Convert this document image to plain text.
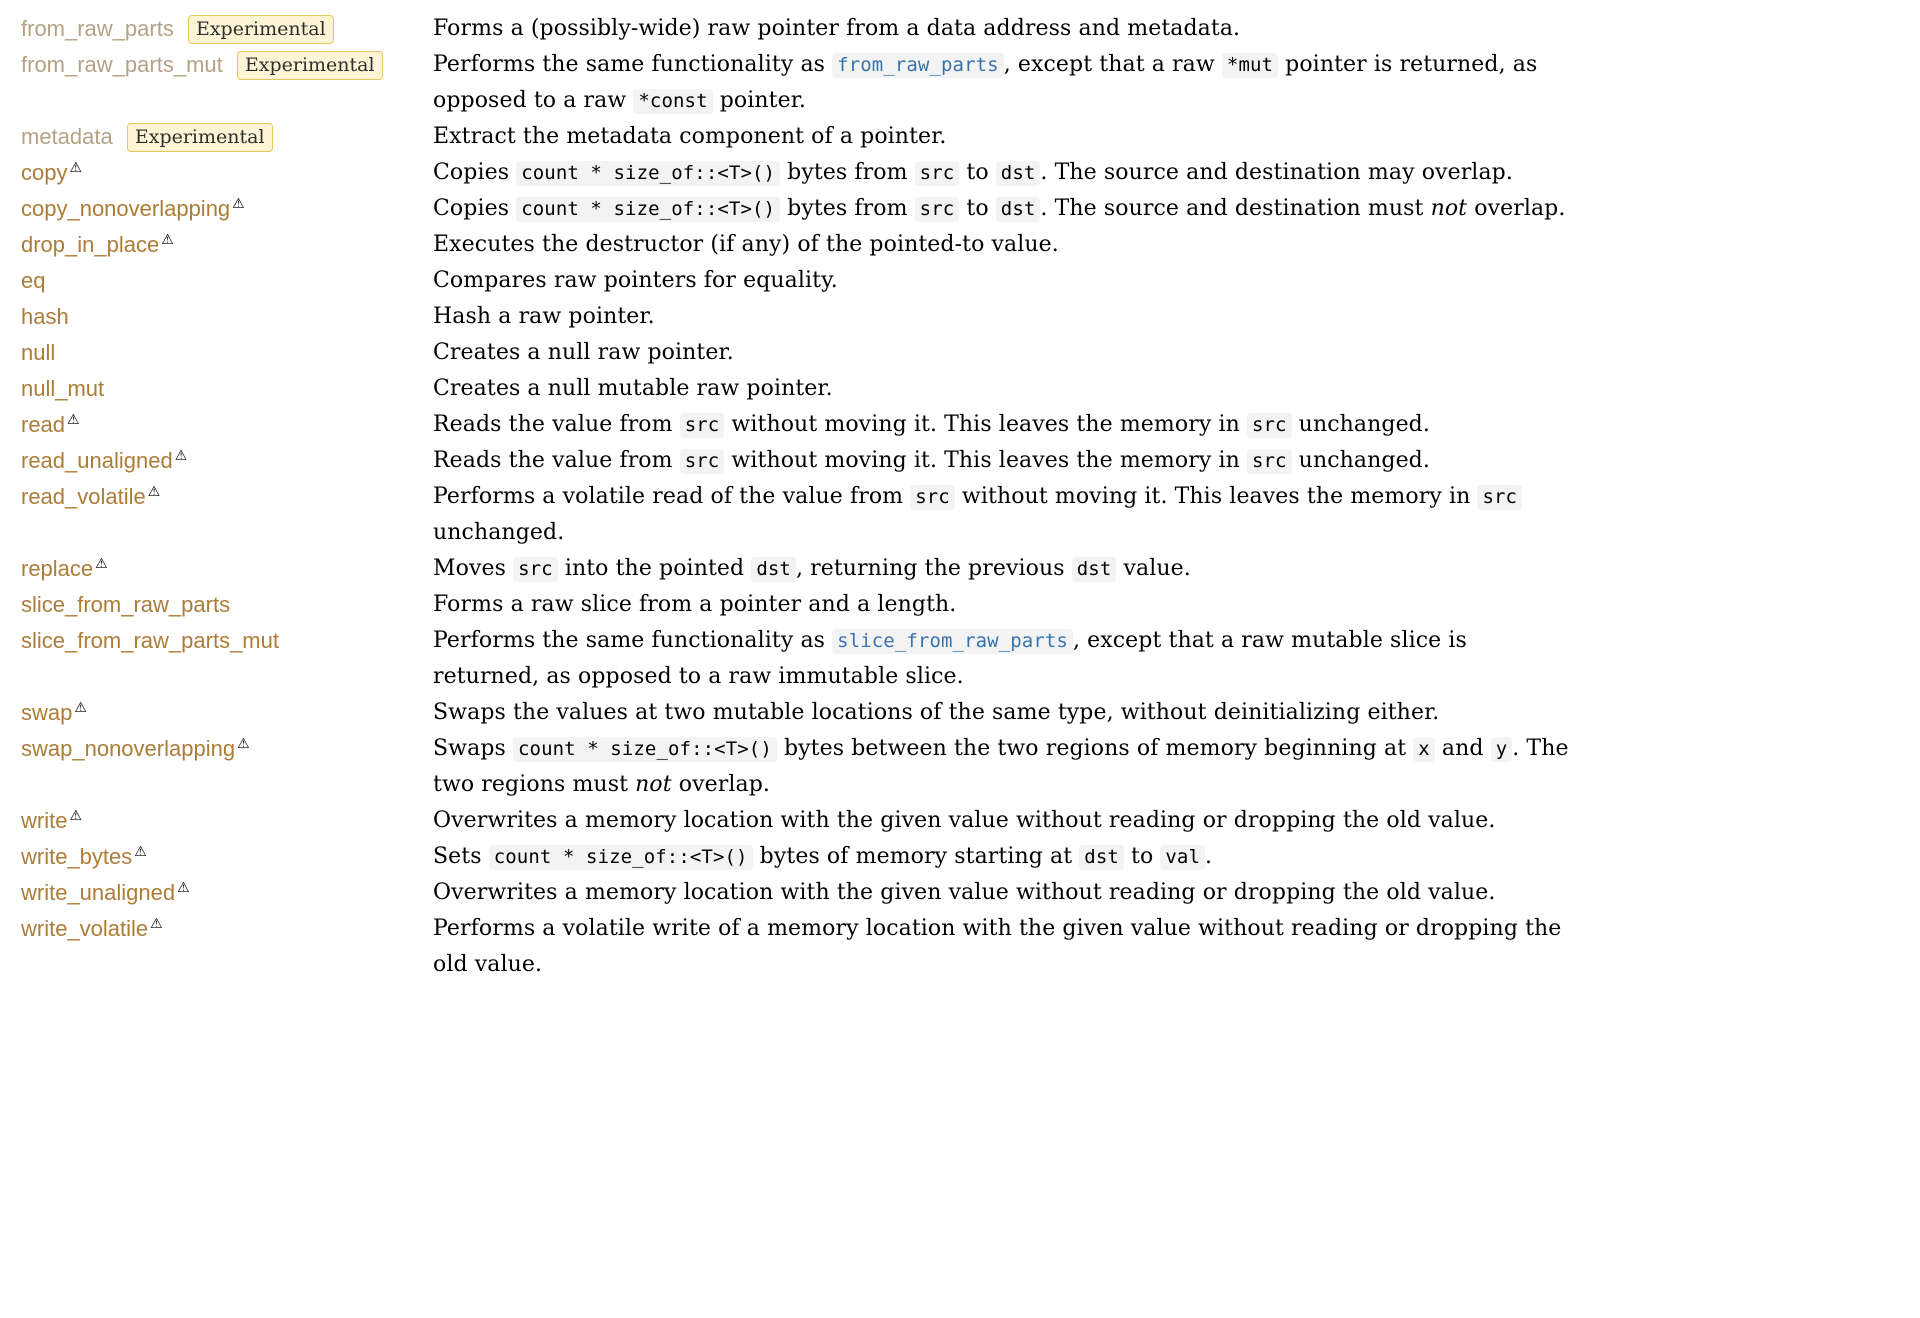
from_raw_parts Experimental	Forms a (possibly-wide) raw pointer from a data address and metadata.
from_raw_parts_mut Experimental	Performs the same functionality as from_raw_parts , except that a raw *mut pointer is returned, as opposed to a raw *const pointer.
metadata Experimental	Extract the metadata component of a pointer.
copy ⚠	Copies count * size_of::<T>() bytes from src to dst . The source and destination may overlap.
copy_nonoverlapping ⚠	Copies count * size_of::<T>() bytes from src to dst . The source and destination must not overlap.
drop_in_place ⚠	Executes the destructor (if any) of the pointed-to value.
eq	Compares raw pointers for equality.
hash	Hash a raw pointer.
null	Creates a null raw pointer.
null_mut	Creates a null mutable raw pointer.
read ⚠	Reads the value from src without moving it. This leaves the memory in src unchanged.
read_unaligned ⚠	Reads the value from src without moving it. This leaves the memory in src unchanged.
read_volatile ⚠	Performs a volatile read of the value from src without moving it. This leaves the memory in src unchanged.
replace ⚠	Moves src into the pointed dst , returning the previous dst value.
slice_from_raw_parts	Forms a raw slice from a pointer and a length.
slice_from_raw_parts_mut	Performs the same functionality as slice_from_raw_parts , except that a raw mutable slice is returned, as opposed to a raw immutable slice.
swap ⚠	Swaps the values at two mutable locations of the same type, without deinitializing either.
swap_nonoverlapping ⚠	Swaps count * size_of::<T>() bytes between the two regions of memory beginning at x and y . The two regions must not overlap.
write ⚠	Overwrites a memory location with the given value without reading or dropping the old value.
write_bytes ⚠	Sets count * size_of::<T>() bytes of memory starting at dst to val .
write_unaligned ⚠	Overwrites a memory location with the given value without reading or dropping the old value.
write_volatile ⚠	Performs a volatile write of a memory location with the given value without reading or dropping the old value.
